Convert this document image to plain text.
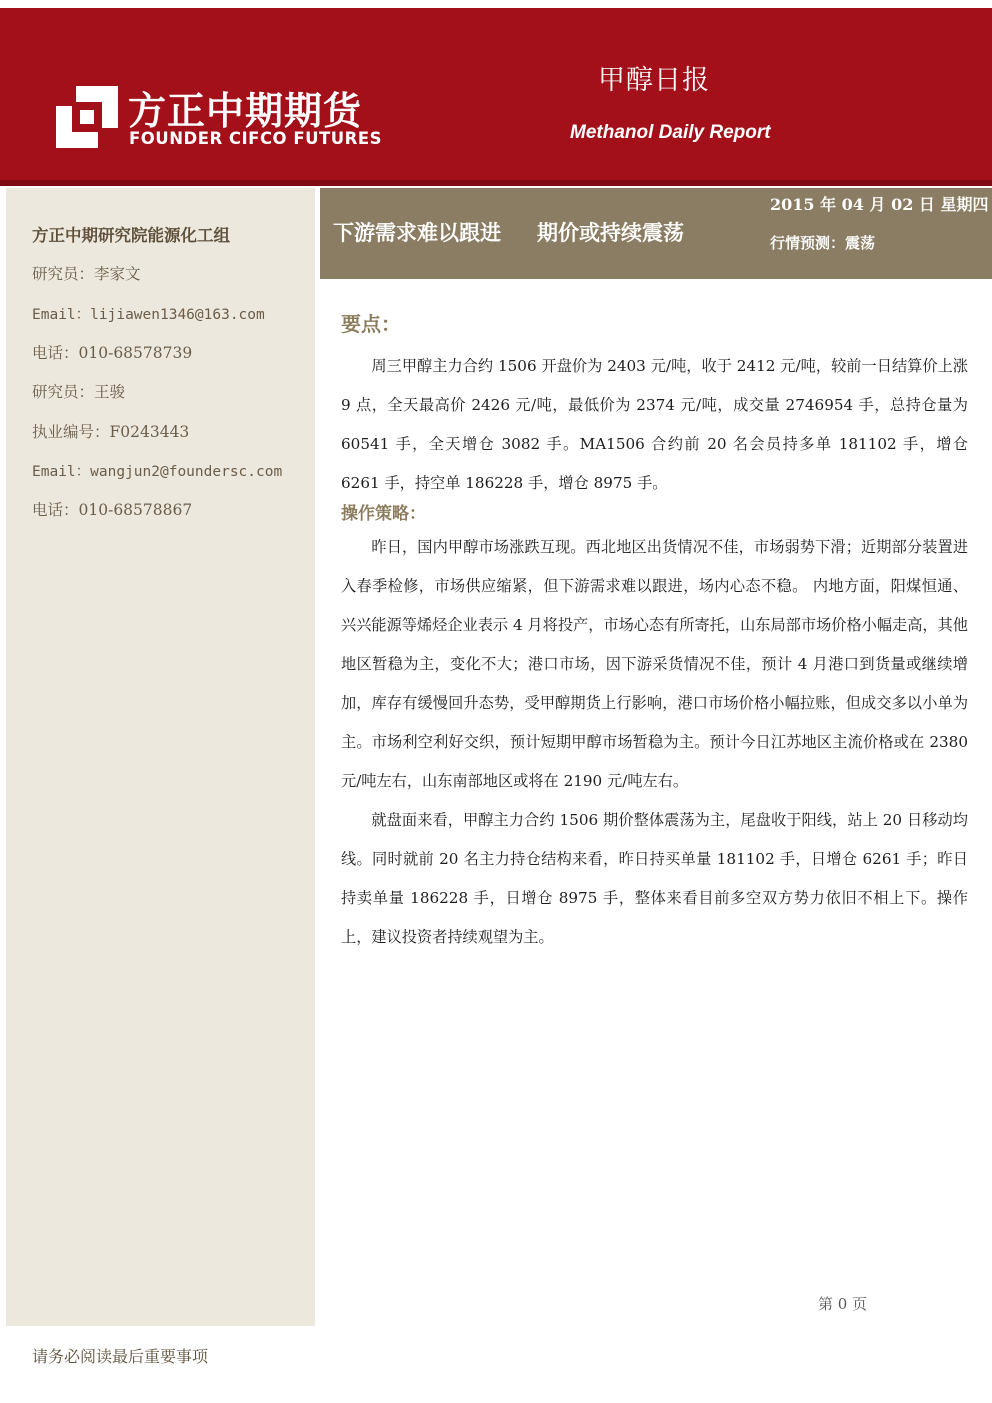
方正中期期货
FOUNDER CIFCO FUTURES
甲醇日报
Methanol Daily Report
方正中期研究院能源化工组
研究员：李家文
Email：lijiawen1346@163.com
电话：010-68578739
研究员：王骏
执业编号：F0243443
Email：wangjun2@foundersc.com
电话：010-68578867
下游需求难以跟进 期价或持续震荡
2015 年 04 月 02 日 星期四
行情预测：震荡
要点：

周三甲醇主力合约 1506 开盘价为 2403 元/吨，收于 2412 元/吨，较前一日结算价上涨 9 点，全天最高价 2426 元/吨，最低价为 2374 元/吨，成交量 2746954 手，总持仓量为 60541 手，全天增仓 3082 手。MA1506 合约前 20 名会员持多单 181102 手，增仓 6261 手，持空单 186228 手，增仓 8975 手。

操作策略：

昨日，国内甲醇市场涨跌互现。西北地区出货情况不佳，市场弱势下滑；近期部分装置进入春季检修，市场供应缩紧，但下游需求难以跟进，场内心态不稳。 内地方面，阳煤恒通、兴兴能源等烯烃企业表示 4 月将投产，市场心态有所寄托，山东局部市场价格小幅走高，其他地区暂稳为主，变化不大；港口市场，因下游采货情况不佳，预计 4 月港口到货量或继续增加，库存有缓慢回升态势，受甲醇期货上行影响，港口市场价格小幅拉账，但成交多以小单为主。市场利空利好交织，预计短期甲醇市场暂稳为主。预计今日江苏地区主流价格或在 2380 元/吨左右，山东南部地区或将在 2190 元/吨左右。

就盘面来看，甲醇主力合约 1506 期价整体震荡为主，尾盘收于阳线，站上 20 日移动均线。同时就前 20 名主力持仓结构来看，昨日持买单量 181102 手，日增仓 6261 手；昨日持卖单量 186228 手，日增仓 8975 手，整体来看目前多空双方势力依旧不相上下。操作上，建议投资者持续观望为主。

第 0 页
请务必阅读最后重要事项
